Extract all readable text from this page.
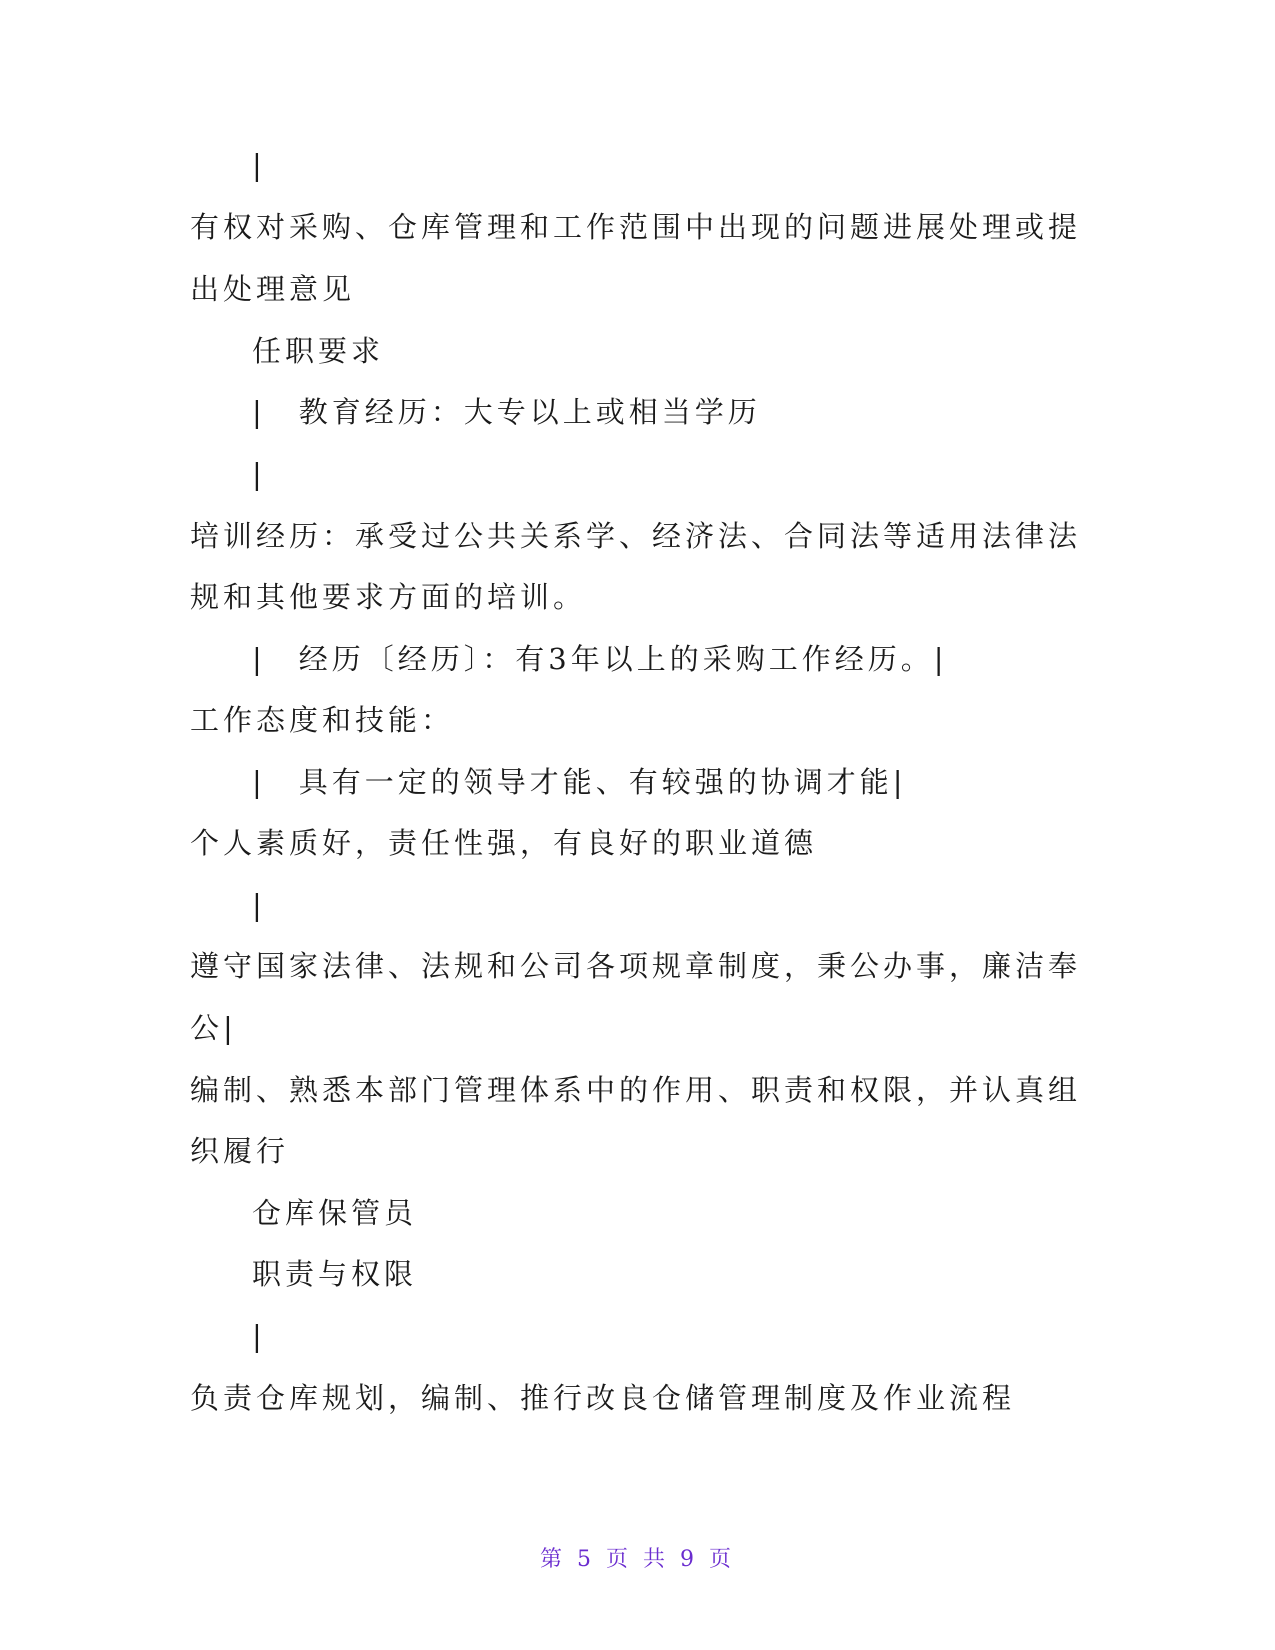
|
有权对采购、仓库管理和工作范围中出现的问题进展处理或提
出处理意见
任职要求
|　教育经历：大专以上或相当学历
|
培训经历：承受过公共关系学、经济法、合同法等适用法律法
规和其他要求方面的培训。
|　经历〔经历〕：有3年以上的采购工作经历。|
工作态度和技能：
|　具有一定的领导才能、有较强的协调才能|
个人素质好，责任性强，有良好的职业道德
|
遵守国家法律、法规和公司各项规章制度，秉公办事，廉洁奉
公|
编制、熟悉本部门管理体系中的作用、职责和权限，并认真组
织履行
仓库保管员
职责与权限
|
负责仓库规划，编制、推行改良仓储管理制度及作业流程
第 5 页 共 9 页
